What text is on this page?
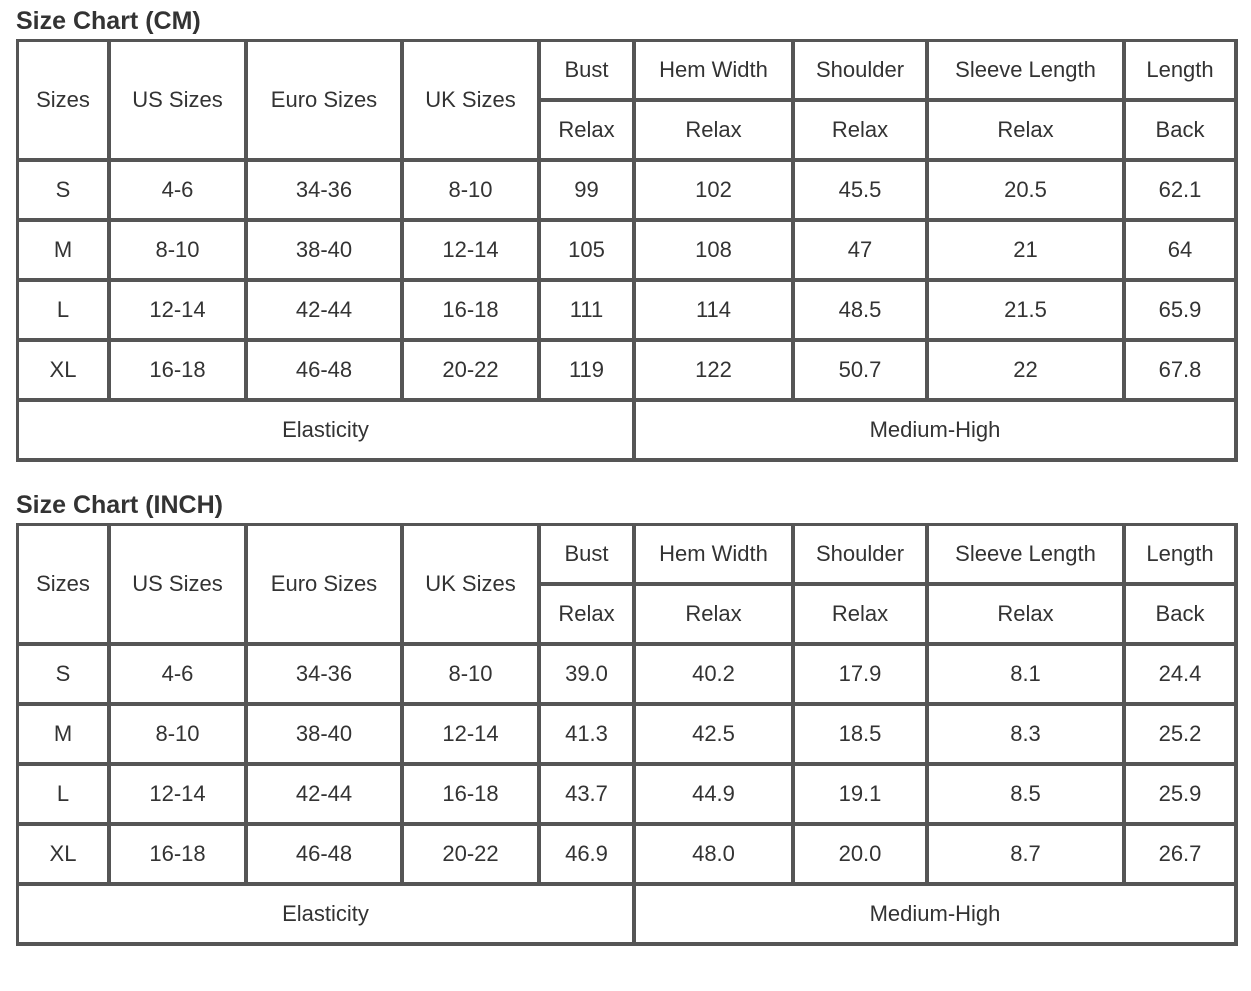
Size Chart (CM)
Sizes	US Sizes	Euro Sizes	UK Sizes	Bust	Hem Width	Shoulder	Sleeve Length	Length
				Relax	Relax	Relax	Relax	Back
S	4-6	34-36	8-10	99	102	45.5	20.5	62.1
M	8-10	38-40	12-14	105	108	47	21	64
L	12-14	42-44	16-18	111	114	48.5	21.5	65.9
XL	16-18	46-48	20-22	119	122	50.7	22	67.8
Elasticity					Medium-High			
Size Chart (INCH)
Sizes	US Sizes	Euro Sizes	UK Sizes	Bust	Hem Width	Shoulder	Sleeve Length	Length
				Relax	Relax	Relax	Relax	Back
S	4-6	34-36	8-10	39.0	40.2	17.9	8.1	24.4
M	8-10	38-40	12-14	41.3	42.5	18.5	8.3	25.2
L	12-14	42-44	16-18	43.7	44.9	19.1	8.5	25.9
XL	16-18	46-48	20-22	46.9	48.0	20.0	8.7	26.7
Elasticity					Medium-High			
